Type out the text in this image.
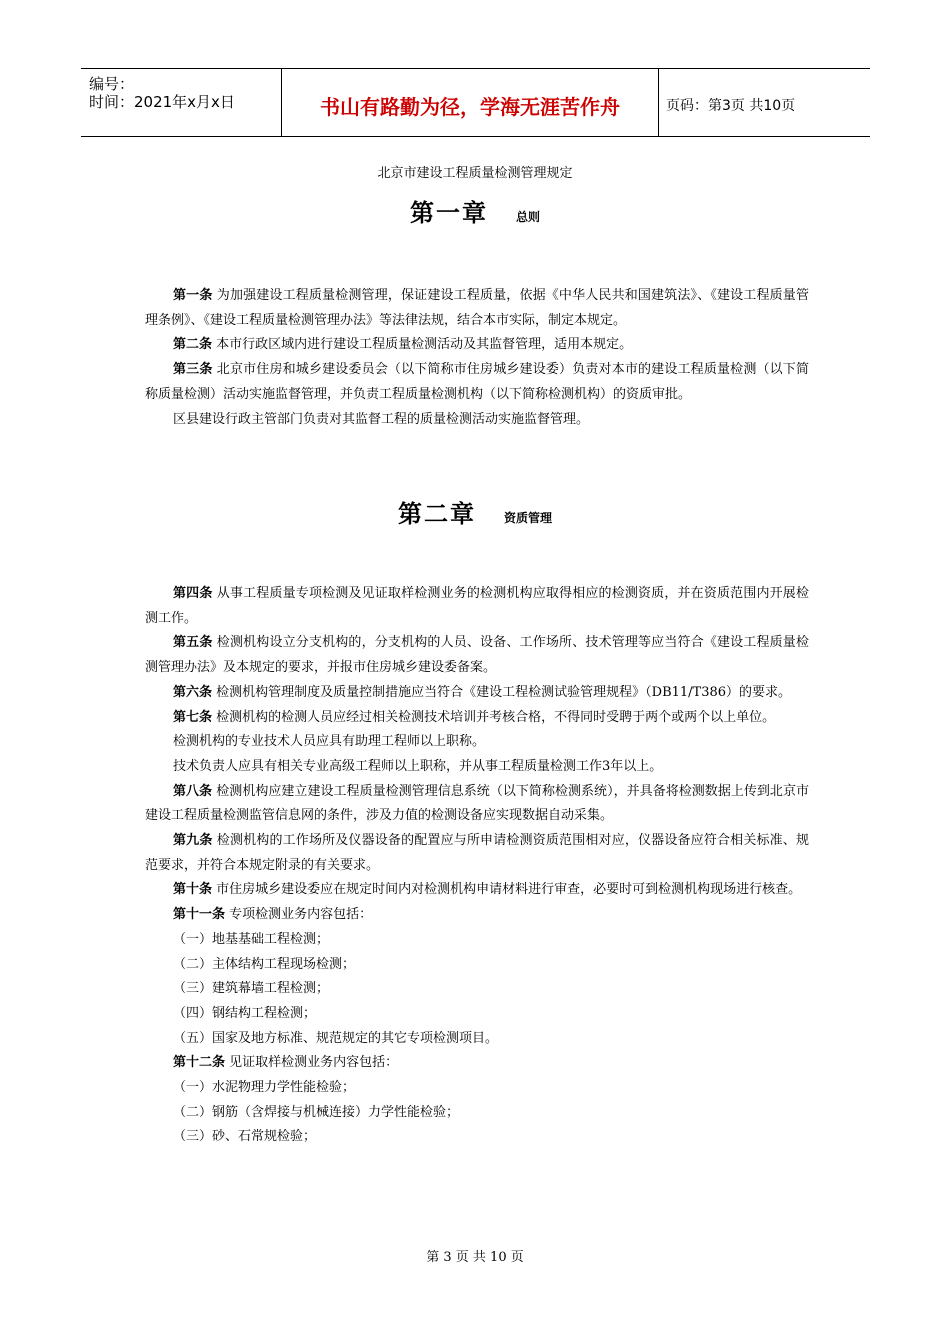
编号：
时间：2021年x月x日	书山有路勤为径，学海无涯苦作舟	页码：第3页 共10页
北京市建设工程质量检测管理规定
第一章 总则

第一条 为加强建设工程质量检测管理，保证建设工程质量，依据《中华人民共和国建筑法》、《建设工程质量管理条例》、《建设工程质量检测管理办法》等法律法规，结合本市实际，制定本规定。

第二条 本市行政区域内进行建设工程质量检测活动及其监督管理，适用本规定。

第三条 北京市住房和城乡建设委员会（以下简称市住房城乡建设委）负责对本市的建设工程质量检测（以下简称质量检测）活动实施监督管理，并负责工程质量检测机构（以下简称检测机构）的资质审批。

区县建设行政主管部门负责对其监督工程的质量检测活动实施监督管理。

第二章 资质管理

第四条 从事工程质量专项检测及见证取样检测业务的检测机构应取得相应的检测资质，并在资质范围内开展检测工作。

第五条 检测机构设立分支机构的，分支机构的人员、设备、工作场所、技术管理等应当符合《建设工程质量检测管理办法》及本规定的要求，并报市住房城乡建设委备案。

第六条 检测机构管理制度及质量控制措施应当符合《建设工程检测试验管理规程》（DB11/T386）的要求。

第七条 检测机构的检测人员应经过相关检测技术培训并考核合格，不得同时受聘于两个或两个以上单位。

检测机构的专业技术人员应具有助理工程师以上职称。

技术负责人应具有相关专业高级工程师以上职称，并从事工程质量检测工作3年以上。

第八条 检测机构应建立建设工程质量检测管理信息系统（以下简称检测系统），并具备将检测数据上传到北京市建设工程质量检测监管信息网的条件，涉及力值的检测设备应实现数据自动采集。

第九条 检测机构的工作场所及仪器设备的配置应与所申请检测资质范围相对应，仪器设备应符合相关标准、规范要求，并符合本规定附录的有关要求。

第十条 市住房城乡建设委应在规定时间内对检测机构申请材料进行审查，必要时可到检测机构现场进行核查。

第十一条 专项检测业务内容包括：

（一）地基基础工程检测；

（二）主体结构工程现场检测；

（三）建筑幕墙工程检测；

（四）钢结构工程检测；

（五）国家及地方标准、规范规定的其它专项检测项目。

第十二条 见证取样检测业务内容包括：

（一）水泥物理力学性能检验；

（二）钢筋（含焊接与机械连接）力学性能检验；

（三）砂、石常规检验；

第 3 页 共 10 页
